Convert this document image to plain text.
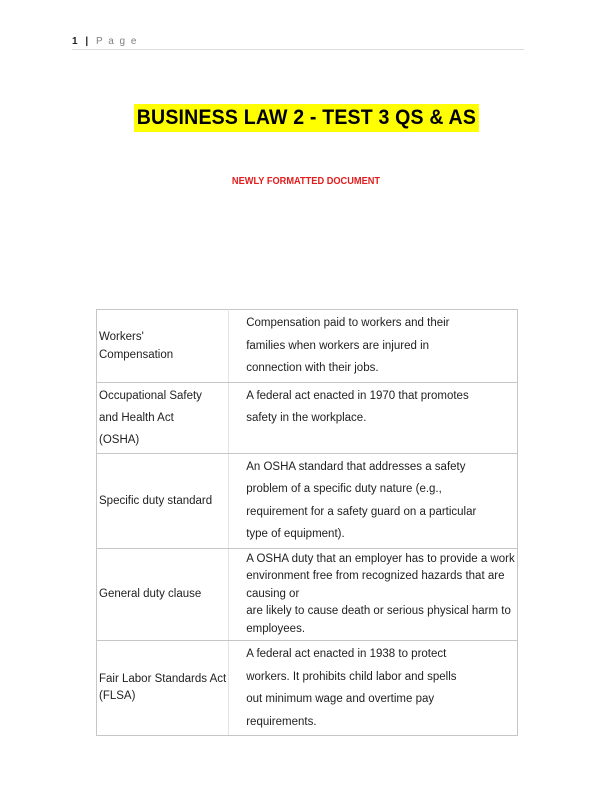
1 | P a g e
BUSINESS LAW 2 - TEST 3 QS & AS
NEWLY FORMATTED DOCUMENT
Workers'
Compensation	Compensation paid to workers and their
families when workers are injured in
connection with their jobs.

Occupational Safety
and Health Act
(OSHA)	A federal act enacted in 1970 that promotes
safety in the workplace.

Specific duty standard	An OSHA standard that addresses a safety
problem of a specific duty nature (e.g.,
requirement for a safety guard on a particular
type of equipment).

General duty clause	A OSHA duty that an employer has to provide a work
environment free from recognized hazards that are
causing or
are likely to cause death or serious physical harm to
employees.

Fair Labor Standards Act
(FLSA)	A federal act enacted in 1938 to protect
workers. It prohibits child labor and spells
out minimum wage and overtime pay
requirements.
